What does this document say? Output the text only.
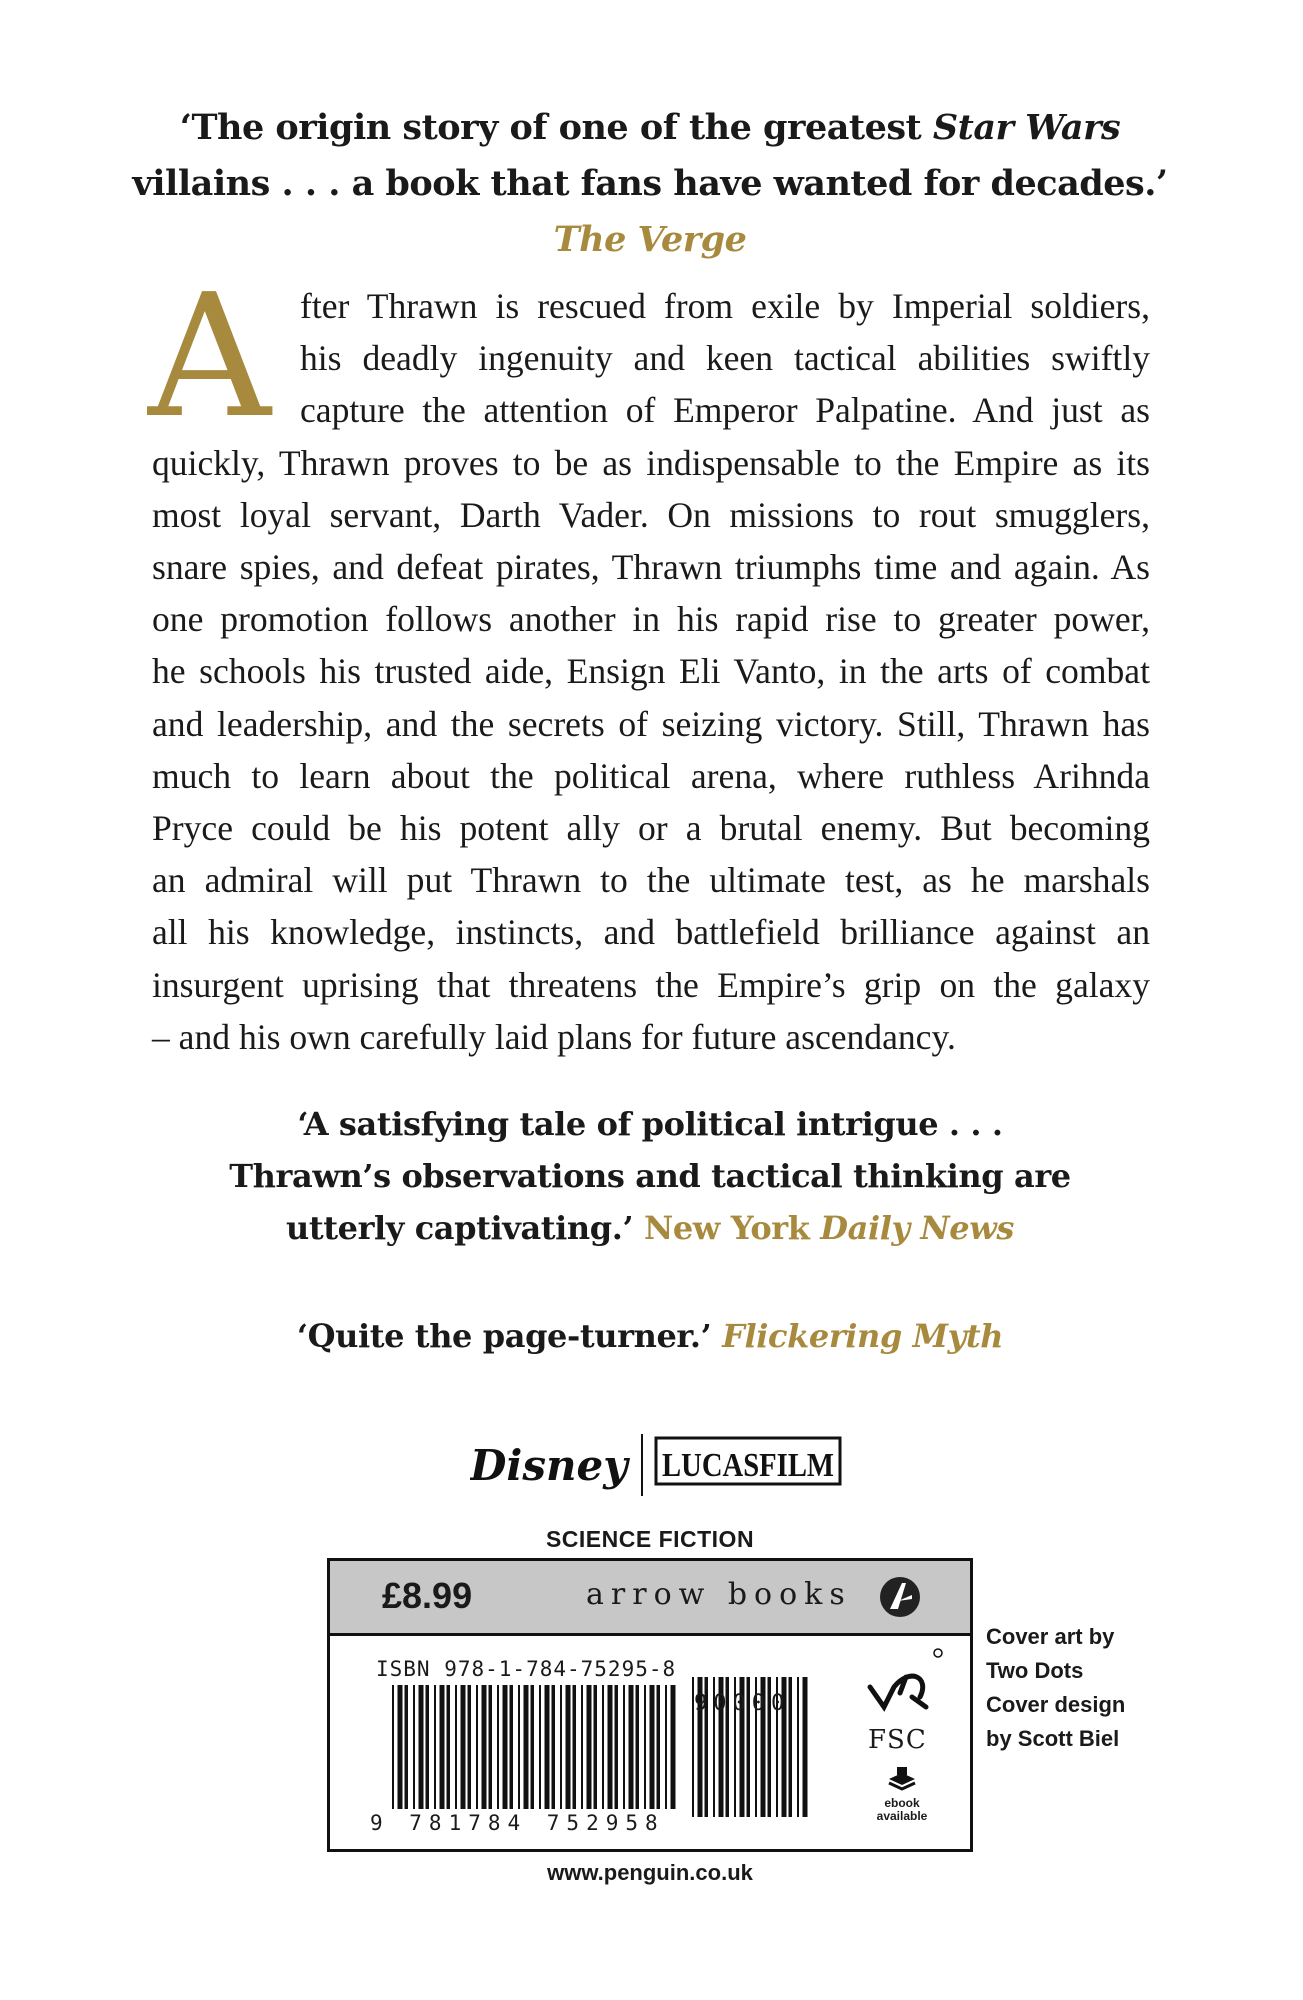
‘The origin story of one of the greatest Star Wars
villains . . . a book that fans have wanted for decades.’
The Verge
A fter Thrawn is rescued from exile by Imperial soldiers,
his deadly ingenuity and keen tactical abilities swiftly
capture the attention of Emperor Palpatine. And just as
quickly, Thrawn proves to be as indispensable to the Empire as its
most loyal servant, Darth Vader. On missions to rout smugglers,
snare spies, and defeat pirates, Thrawn triumphs time and again. As
one promotion follows another in his rapid rise to greater power,
he schools his trusted aide, Ensign Eli Vanto, in the arts of combat
and leadership, and the secrets of seizing victory. Still, Thrawn has
much to learn about the political arena, where ruthless Arihnda
Pryce could be his potent ally or a brutal enemy. But becoming
an admiral will put Thrawn to the ultimate test, as he marshals
all his knowledge, instincts, and battlefield brilliance against an
insurgent uprising that threatens the Empire’s grip on the galaxy
– and his own carefully laid plans for future ascendancy.
‘A satisfying tale of political intrigue . . .
Thrawn’s observations and tactical thinking are
utterly captivating.’ New York Daily News
‘Quite the page-turner.’ Flickering Myth
Disney LUCASFILM
SCIENCE FICTION
£8.99	arrow books
ISBN 978-1-784-75295-8
90000
9 781784 752958
FSC
ebook available
Cover art by
Two Dots
Cover design
by Scott Biel
www.penguin.co.uk
